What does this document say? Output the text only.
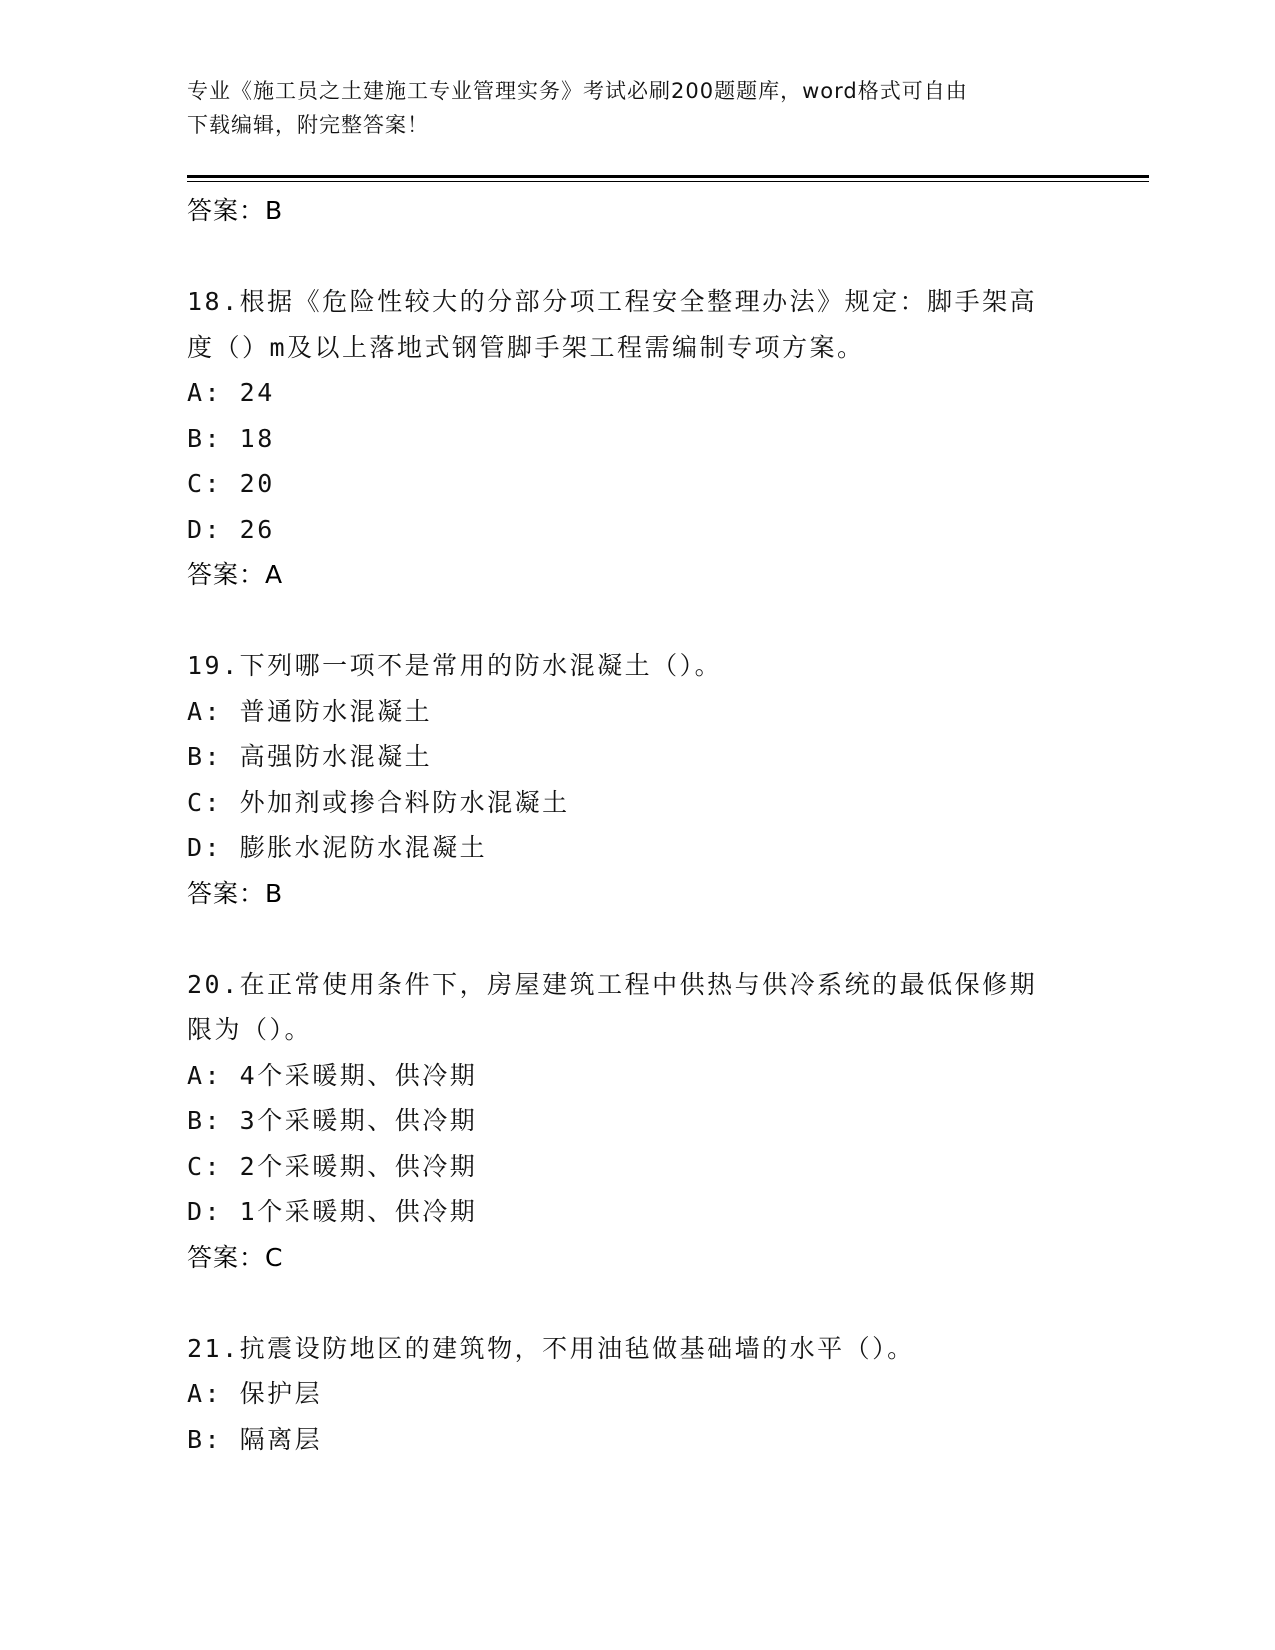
专业《施工员之土建施工专业管理实务》考试必刷200题题库，word格式可自由
下载编辑，附完整答案！
答案：B
18.根据《危险性较大的分部分项工程安全整理办法》规定：脚手架高
度（）m及以上落地式钢管脚手架工程需编制专项方案。
A: 24
B: 18
C: 20
D: 26
答案：A
19.下列哪一项不是常用的防水混凝土（）。
A: 普通防水混凝土
B: 高强防水混凝土
C: 外加剂或掺合料防水混凝土
D: 膨胀水泥防水混凝土
答案：B
20.在正常使用条件下，房屋建筑工程中供热与供冷系统的最低保修期
限为（）。
A: 4个采暖期、供冷期
B: 3个采暖期、供冷期
C: 2个采暖期、供冷期
D: 1个采暖期、供冷期
答案：C
21.抗震设防地区的建筑物，不用油毡做基础墙的水平（）。
A: 保护层
B: 隔离层
